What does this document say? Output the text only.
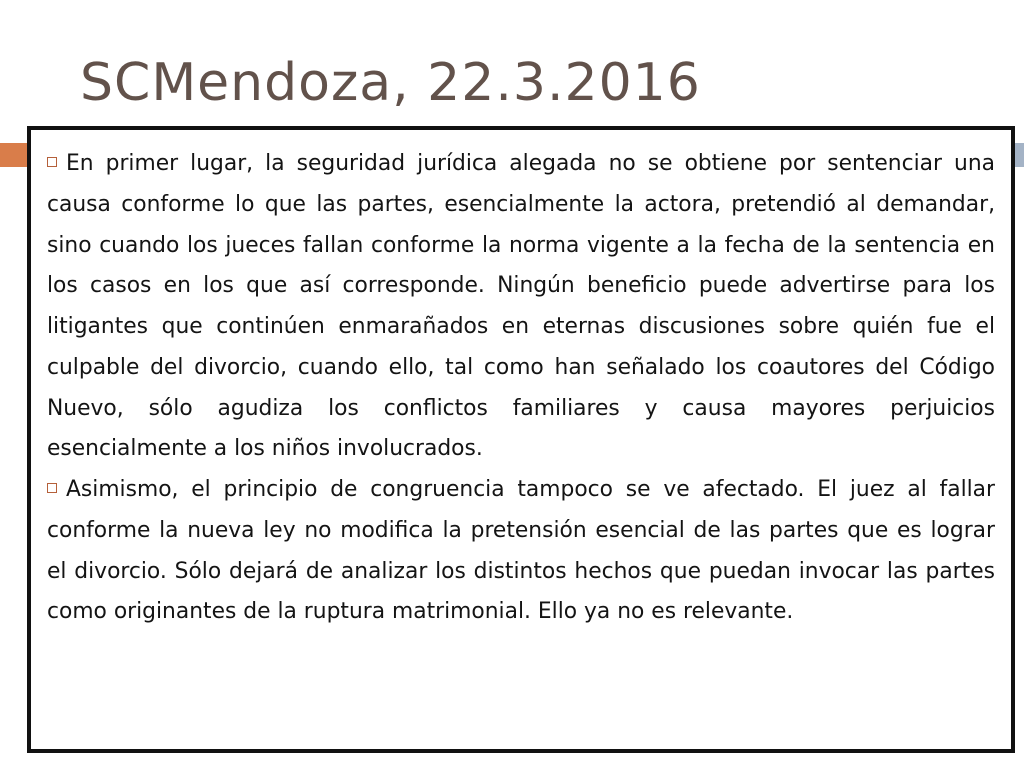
SCMendoza, 22.3.2016

En primer lugar, la seguridad jurídica alegada no se obtiene por sentenciar una causa conforme lo que las partes, esencialmente la actora, pretendió al demandar, sino cuando los jueces fallan conforme la norma vigente a la fecha de la sentencia en los casos en los que así corresponde. Ningún beneficio puede advertirse para los litigantes que continúen enmarañados en eternas discusiones sobre quién fue el culpable del divorcio, cuando ello, tal como han señalado los coautores del Código Nuevo, sólo agudiza los conflictos familiares y causa mayores perjuicios esencialmente a los niños involucrados.

Asimismo, el principio de congruencia tampoco se ve afectado. El juez al fallar conforme la nueva ley no modifica la pretensión esencial de las partes que es lograr el divorcio. Sólo dejará de analizar los distintos hechos que puedan invocar las partes como originantes de la ruptura matrimonial. Ello ya no es relevante.
